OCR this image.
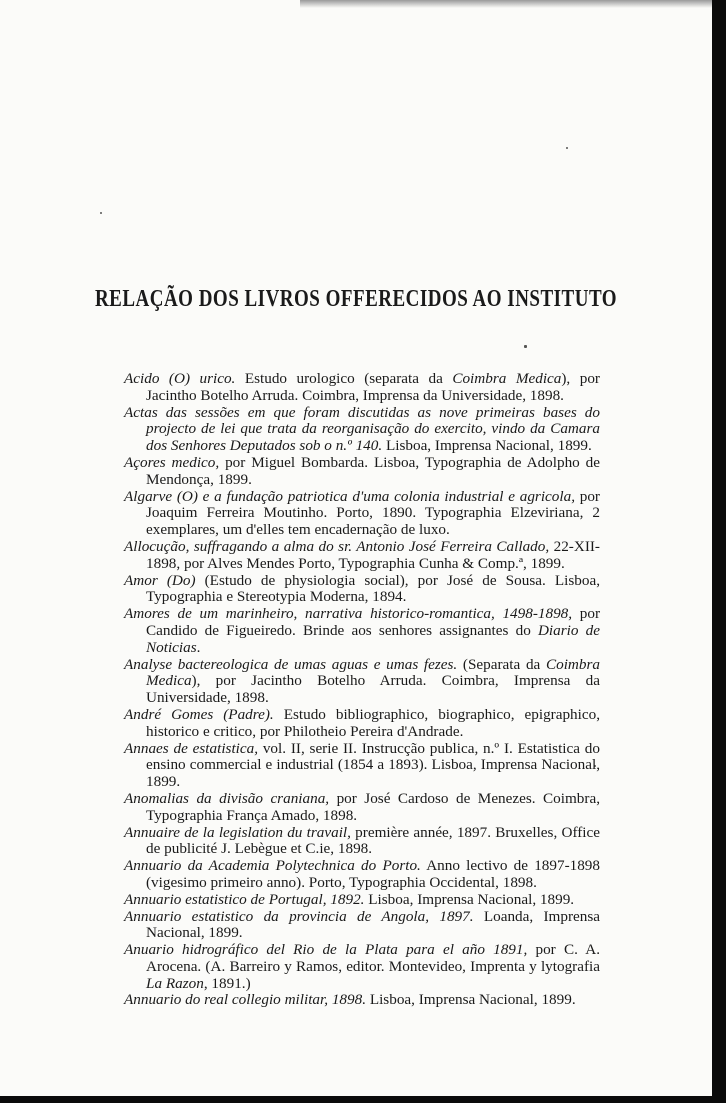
RELAÇÃO DOS LIVROS OFFERECIDOS AO INSTITUTO

Acido (O) urico. Estudo urologico (separata da Coimbra Medica), por Jacintho Botelho Arruda. Coimbra, Imprensa da Universidade, 1898.

Actas das sessões em que foram discutidas as nove primeiras bases do projecto de lei que trata da reorganisação do exercito, vindo da Camara dos Senhores Deputados sob o n.º 140. Lisboa, Imprensa Nacional, 1899.

Açores medico, por Miguel Bombarda. Lisboa, Typographia de Adolpho de Mendonça, 1899.

Algarve (O) e a fundação patriotica d'uma colonia industrial e agricola, por Joaquim Ferreira Moutinho. Porto, 1890. Typographia Elzeviriana, 2 exemplares, um d'elles tem encadernação de luxo.

Allocução, suffragando a alma do sr. Antonio José Ferreira Callado, 22-XII-1898, por Alves Mendes Porto, Typographia Cunha & Comp.ª, 1899.

Amor (Do) (Estudo de physiologia social), por José de Sousa. Lisboa, Typographia e Stereotypia Moderna, 1894.

Amores de um marinheiro, narrativa historico-romantica, 1498-1898, por Candido de Figueiredo. Brinde aos senhores assignantes do Diario de Noticias.

Analyse bactereologica de umas aguas e umas fezes. (Separata da Coimbra Medica), por Jacintho Botelho Arruda. Coimbra, Imprensa da Universidade, 1898.

André Gomes (Padre). Estudo bibliographico, biographico, epigraphico, historico e critico, por Philotheio Pereira d'Andrade.

Annaes de estatistica, vol. II, serie II. Instrucção publica, n.º I. Estatistica do ensino commercial e industrial (1854 a 1893). Lisboa, Imprensa Nacional, 1899.

Anomalias da divisão craniana, por José Cardoso de Menezes. Coimbra, Typographia França Amado, 1898.

Annuaire de la legislation du travail, première année, 1897. Bruxelles, Office de publicité J. Lebègue et C.ie, 1898.

Annuario da Academia Polytechnica do Porto. Anno lectivo de 1897-1898 (vigesimo primeiro anno). Porto, Typographia Occidental, 1898.

Annuario estatistico de Portugal, 1892. Lisboa, Imprensa Nacional, 1899.

Annuario estatistico da provincia de Angola, 1897. Loanda, Imprensa Nacional, 1899.

Anuario hidrográfico del Rio de la Plata para el año 1891, por C. A. Arocena. (A. Barreiro y Ramos, editor. Montevideo, Imprenta y lytografia La Razon, 1891.)

Annuario do real collegio militar, 1898. Lisboa, Imprensa Nacional, 1899.
